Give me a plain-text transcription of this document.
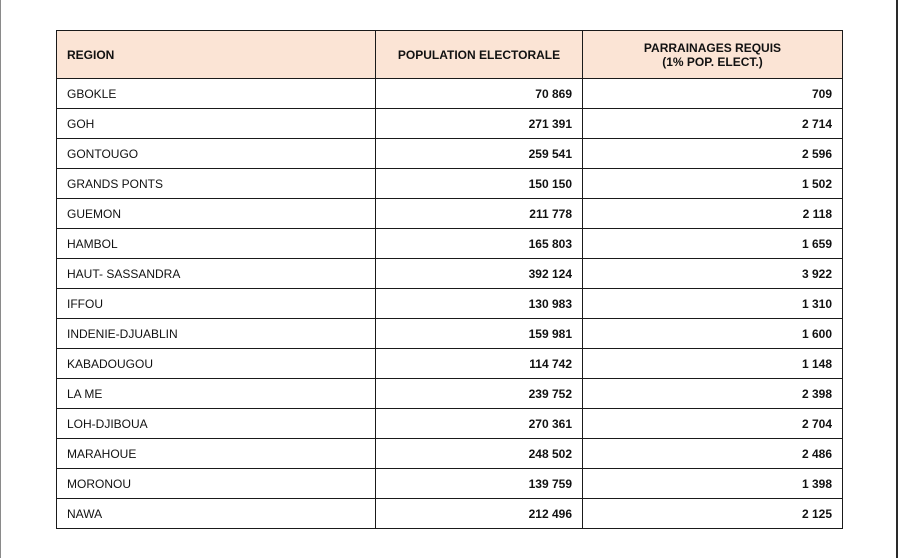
REGION	POPULATION ELECTORALE	PARRAINAGES REQUIS
(1% POP. ELECT.)

GBOKLE	70 869	709
GOH	271 391	2 714
GONTOUGO	259 541	2 596
GRANDS PONTS	150 150	1 502
GUEMON	211 778	2 118
HAMBOL	165 803	1 659
HAUT- SASSANDRA	392 124	3 922
IFFOU	130 983	1 310
INDENIE-DJUABLIN	159 981	1 600
KABADOUGOU	114 742	1 148
LA ME	239 752	2 398
LOH-DJIBOUA	270 361	2 704
MARAHOUE	248 502	2 486
MORONOU	139 759	1 398
NAWA	212 496	2 125
